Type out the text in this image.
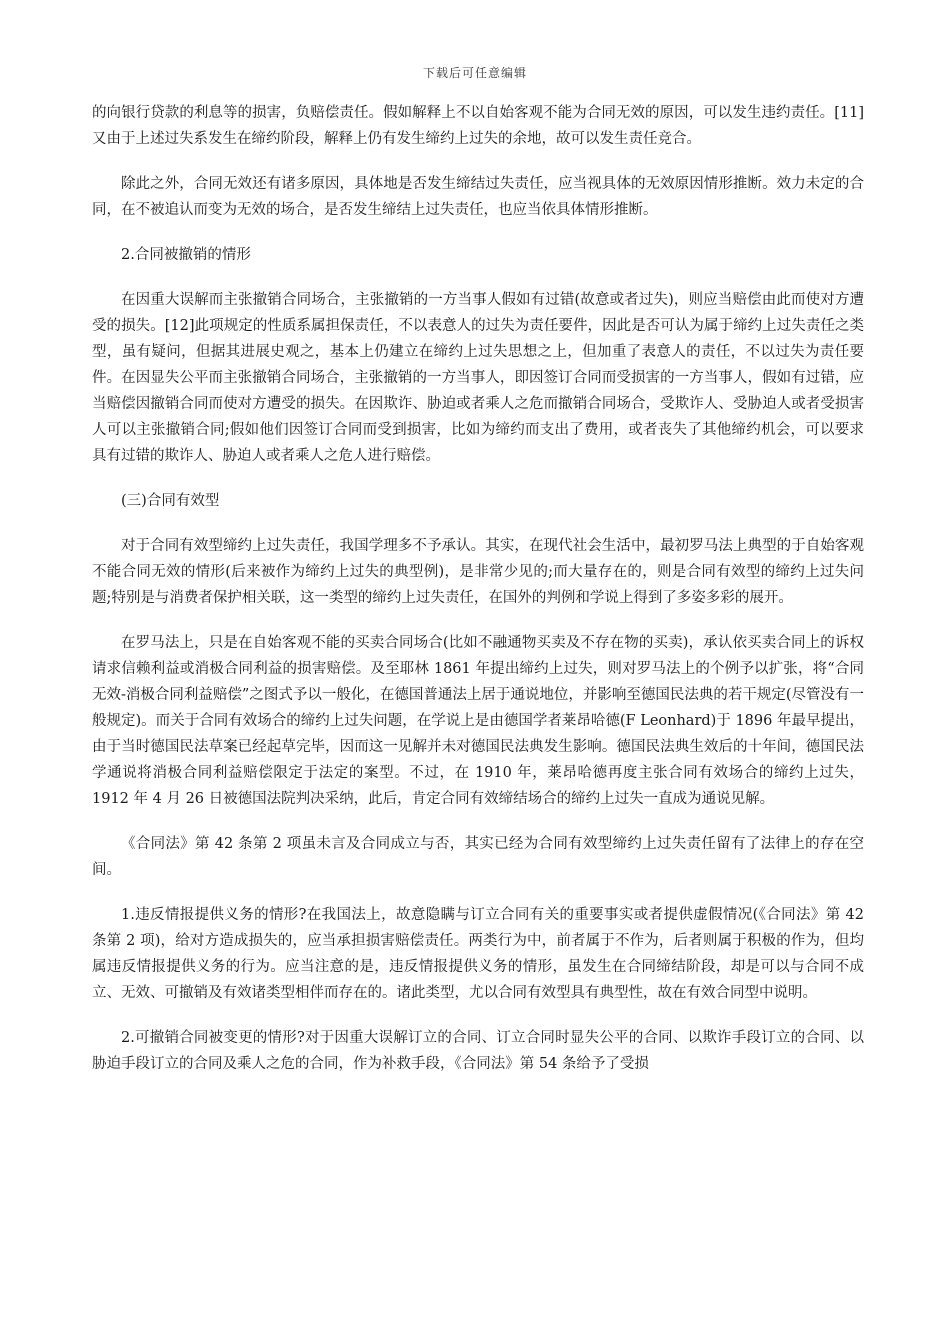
下载后可任意编辑

的向银行贷款的利息等的损害，负赔偿责任。假如解释上不以自始客观不能为合同无效的原因，可以发生违约责任。[11]又由于上述过失系发生在缔约阶段，解释上仍有发生缔约上过失的余地，故可以发生责任竞合。

除此之外，合同无效还有诸多原因，具体地是否发生缔结过失责任，应当视具体的无效原因情形推断。效力未定的合同，在不被追认而变为无效的场合，是否发生缔结上过失责任，也应当依具体情形推断。

2.合同被撤销的情形

在因重大误解而主张撤销合同场合，主张撤销的一方当事人假如有过错(故意或者过失)，则应当赔偿由此而使对方遭受的损失。[12]此项规定的性质系属担保责任，不以表意人的过失为责任要件，因此是否可认为属于缔约上过失责任之类型，虽有疑问，但据其进展史观之，基本上仍建立在缔约上过失思想之上，但加重了表意人的责任，不以过失为责任要件。在因显失公平而主张撤销合同场合，主张撤销的一方当事人，即因签订合同而受损害的一方当事人，假如有过错，应当赔偿因撤销合同而使对方遭受的损失。在因欺诈、胁迫或者乘人之危而撤销合同场合，受欺诈人、受胁迫人或者受损害人可以主张撤销合同;假如他们因签订合同而受到损害，比如为缔约而支出了费用，或者丧失了其他缔约机会，可以要求具有过错的欺诈人、胁迫人或者乘人之危人进行赔偿。

(三)合同有效型

对于合同有效型缔约上过失责任，我国学理多不予承认。其实，在现代社会生活中，最初罗马法上典型的于自始客观不能合同无效的情形(后来被作为缔约上过失的典型例)，是非常少见的;而大量存在的，则是合同有效型的缔约上过失问题;特别是与消费者保护相关联，这一类型的缔约上过失责任，在国外的判例和学说上得到了多姿多彩的展开。

在罗马法上，只是在自始客观不能的买卖合同场合(比如不融通物买卖及不存在物的买卖)，承认依买卖合同上的诉权请求信赖利益或消极合同利益的损害赔偿。及至耶林 1861 年提出缔约上过失，则对罗马法上的个例予以扩张，将“合同无效-消极合同利益赔偿”之图式予以一般化，在德国普通法上居于通说地位，并影响至德国民法典的若干规定(尽管没有一般规定)。而关于合同有效场合的缔约上过失问题，在学说上是由德国学者莱昂哈德(F Leonhard)于 1896 年最早提出，由于当时德国民法草案已经起草完毕，因而这一见解并未对德国民法典发生影响。德国民法典生效后的十年间，德国民法学通说将消极合同利益赔偿限定于法定的案型。不过，在 1910 年，莱昂哈德再度主张合同有效场合的缔约上过失，1912 年 4 月 26 日被德国法院判决采纳，此后，肯定合同有效缔结场合的缔约上过失一直成为通说见解。

《合同法》第 42 条第 2 项虽未言及合同成立与否，其实已经为合同有效型缔约上过失责任留有了法律上的存在空间。

1.违反情报提供义务的情形?在我国法上，故意隐瞒与订立合同有关的重要事实或者提供虚假情况(《合同法》第 42 条第 2 项)，给对方造成损失的，应当承担损害赔偿责任。两类行为中，前者属于不作为，后者则属于积极的作为，但均属违反情报提供义务的行为。应当注意的是，违反情报提供义务的情形，虽发生在合同缔结阶段，却是可以与合同不成立、无效、可撤销及有效诸类型相伴而存在的。诸此类型，尤以合同有效型具有典型性，故在有效合同型中说明。

2.可撤销合同被变更的情形?对于因重大误解订立的合同、订立合同时显失公平的合同、以欺诈手段订立的合同、以胁迫手段订立的合同及乘人之危的合同，作为补救手段，《合同法》第 54 条给予了受损
